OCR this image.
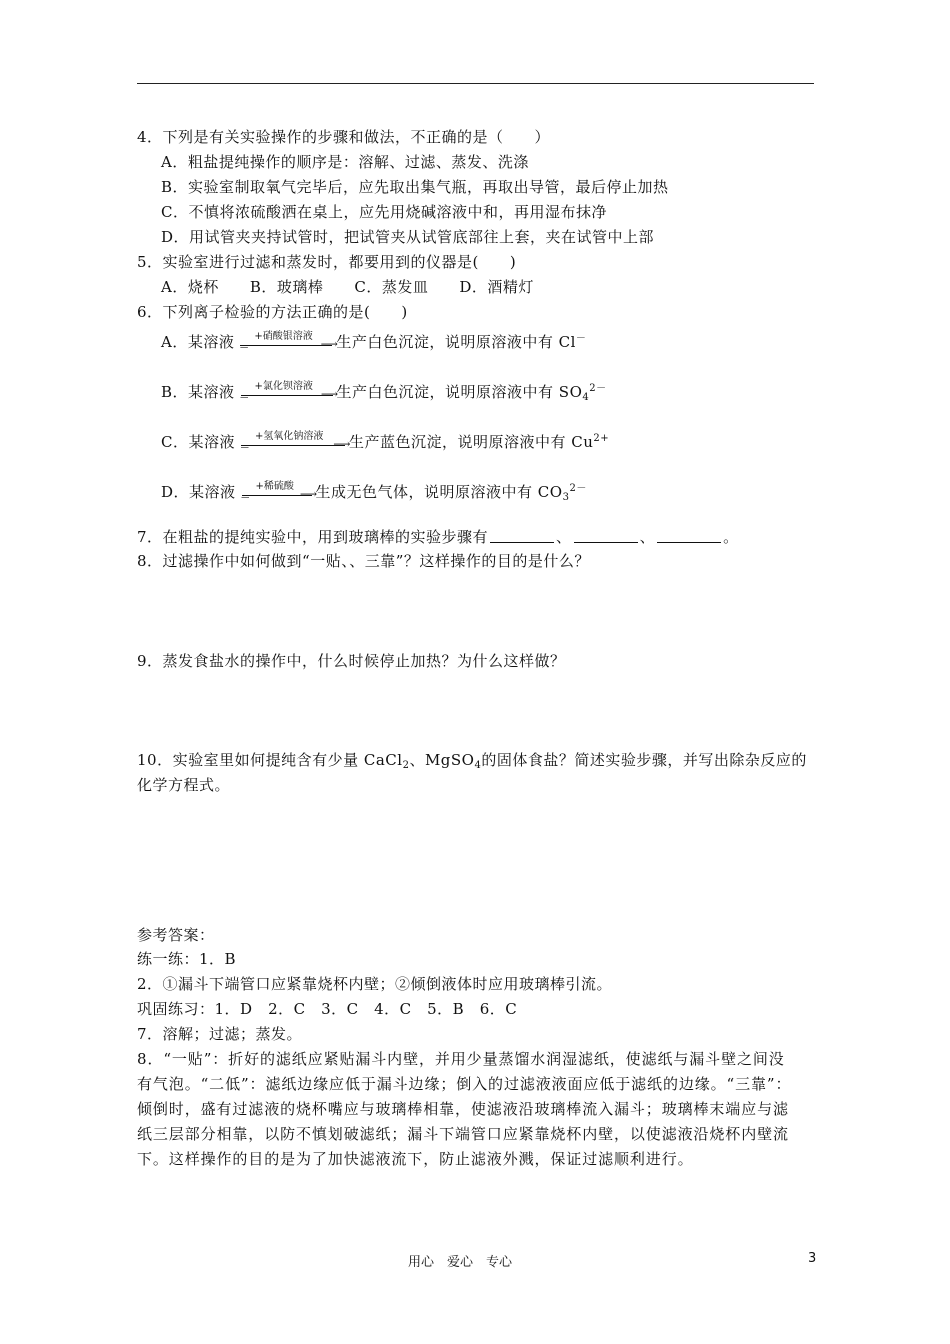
4．下列是有关实验操作的步骤和做法，不正确的是（　　）
A．粗盐提纯操作的顺序是：溶解、过滤、蒸发、洗涤
B．实验室制取氧气完毕后，应先取出集气瓶，再取出导管，最后停止加热
C．不慎将浓硫酸洒在桌上，应先用烧碱溶液中和，再用湿布抹净
D．用试管夹夹持试管时，把试管夹从试管底部往上套，夹在试管中上部
5．实验室进行过滤和蒸发时，都要用到的仪器是(　　)
A．烧杯　　B．玻璃棒　　C．蒸发皿　　D．酒精灯
6．下列离子检验的方法正确的是(　　)
A．某溶液 _ +硝酸银溶液
⟶
生产白色沉淀，说明原溶液中有 Cl－
B．某溶液 _ +氯化钡溶液
⟶
生产白色沉淀，说明原溶液中有 $SO_4^{2-}$
C．某溶液 _ +氢氧化钠溶液
⟶
生产蓝色沉淀，说明原溶液中有 $Cu^{2+}$
D．某溶液 _ +稀硫酸
⟶
生成无色气体，说明原溶液中有 $CO_3^{2-}$
7．在粗盐的提纯实验中，用到玻璃棒的实验步骤有	、	、	。
8．过滤操作中如何做到“一贴、、三靠”？这样操作的目的是什么？
9．蒸发食盐水的操作中，什么时候停止加热？为什么这样做？
10．实验室里如何提纯含有少量 CaCl$_2$、MgSO$_4$的固体食盐？简述实验步骤，并写出除杂反应的
化学方程式。
参考答案：
练一练：1．B
2．①漏斗下端管口应紧靠烧杯内壁；②倾倒液体时应用玻璃棒引流。
巩固练习：1．D　2．C　3．C　4．C　5．B　6．C
7．溶解；过滤；蒸发。
8．“一贴”：折好的滤纸应紧贴漏斗内壁，并用少量蒸馏水润湿滤纸，使滤纸与漏斗壁之间没
有气泡。“二低”：滤纸边缘应低于漏斗边缘；倒入的过滤液液面应低于滤纸的边缘。“三靠”：
倾倒时，盛有过滤液的烧杯嘴应与玻璃棒相靠，使滤液沿玻璃棒流入漏斗；玻璃棒末端应与滤
纸三层部分相靠，以防不慎划破滤纸；漏斗下端管口应紧靠烧杯内壁，以使滤液沿烧杯内壁流
下。这样操作的目的是为了加快滤液流下，防止滤液外溅，保证过滤顺利进行。
用心　爱心　专心	3
